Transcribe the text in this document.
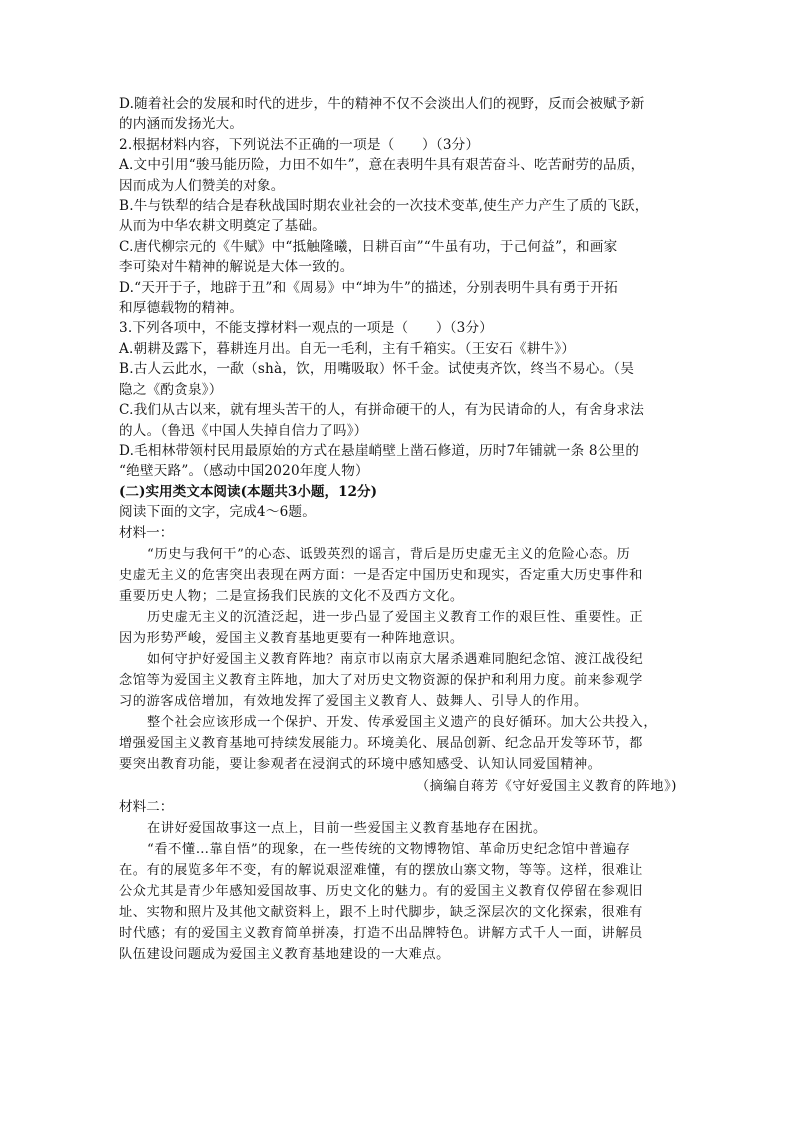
D.随着社会的发展和时代的进步，牛的精神不仅不会淡出人们的视野，反而会被赋予新
的内涵而发扬光大。
2.根据材料内容，下列说法不正确的一项是（　　）（3分）
A.文中引用“骏马能历险，力田不如牛”，意在表明牛具有艰苦奋斗、吃苦耐劳的品质，
因而成为人们赞美的对象。
B.牛与铁犁的结合是春秋战国时期农业社会的一次技术变革,使生产力产生了质的飞跃，
从而为中华农耕文明奠定了基础。
C.唐代柳宗元的《牛赋》中“抵触隆曦，日耕百亩”“牛虽有功，于己何益”，和画家
李可染对牛精神的解说是大体一致的。
D.“天开于子，地辟于丑”和《周易》中“坤为牛”的描述，分别表明牛具有勇于开拓
和厚德载物的精神。
3.下列各项中，不能支撑材料一观点的一项是（　　）（3分）
A.朝耕及露下，暮耕连月出。自无一毛利，主有千箱实。（王安石《耕牛》）
B.古人云此水，一歃（shà，饮，用嘴吸取）怀千金。试使夷齐饮，终当不易心。（吴
隐之《酌贪泉》）
C.我们从古以来，就有埋头苦干的人，有拼命硬干的人，有为民请命的人，有舍身求法
的人。（鲁迅《中国人失掉自信力了吗》）
D.毛相林带领村民用最原始的方式在悬崖峭壁上凿石修道，历时7年铺就一条 8公里的
“绝壁天路”。（感动中国2020年度人物）
(二)实用类文本阅读(本题共3小题，12分)
阅读下面的文字，完成4～6题。
材料一：
“历史与我何干”的心态、诋毁英烈的谣言，背后是历史虚无主义的危险心态。历
史虚无主义的危害突出表现在两方面：一是否定中国历史和现实，否定重大历史事件和
重要历史人物；二是宣扬我们民族的文化不及西方文化。
历史虚无主义的沉渣泛起，进一步凸显了爱国主义教育工作的艰巨性、重要性。正
因为形势严峻，爱国主义教育基地更要有一种阵地意识。
如何守护好爱国主义教育阵地？南京市以南京大屠杀遇难同胞纪念馆、渡江战役纪
念馆等为爱国主义教育主阵地，加大了对历史文物资源的保护和利用力度。前来参观学
习的游客成倍增加，有效地发挥了爱国主义教育人、鼓舞人、引导人的作用。
整个社会应该形成一个保护、开发、传承爱国主义遗产的良好循环。加大公共投入，
增强爱国主义教育基地可持续发展能力。环境美化、展品创新、纪念品开发等环节，都
要突出教育功能，要让参观者在浸润式的环境中感知感受、认知认同爱国精神。
（摘编自蒋芳《守好爱国主义教育的阵地》)
材料二：
在讲好爱国故事这一点上，目前一些爱国主义教育基地存在困扰。
“看不懂…靠自悟”的现象，在一些传统的文物博物馆、革命历史纪念馆中普遍存
在。有的展览多年不变，有的解说艰涩难懂，有的摆放山寨文物，等等。这样，很难让
公众尤其是青少年感知爱国故事、历史文化的魅力。有的爱国主义教育仅停留在参观旧
址、实物和照片及其他文献资料上，跟不上时代脚步，缺乏深层次的文化探索，很难有
时代感；有的爱国主义教育简单拼凑，打造不出品牌特色。讲解方式千人一面，讲解员
队伍建设问题成为爱国主义教育基地建设的一大难点。
